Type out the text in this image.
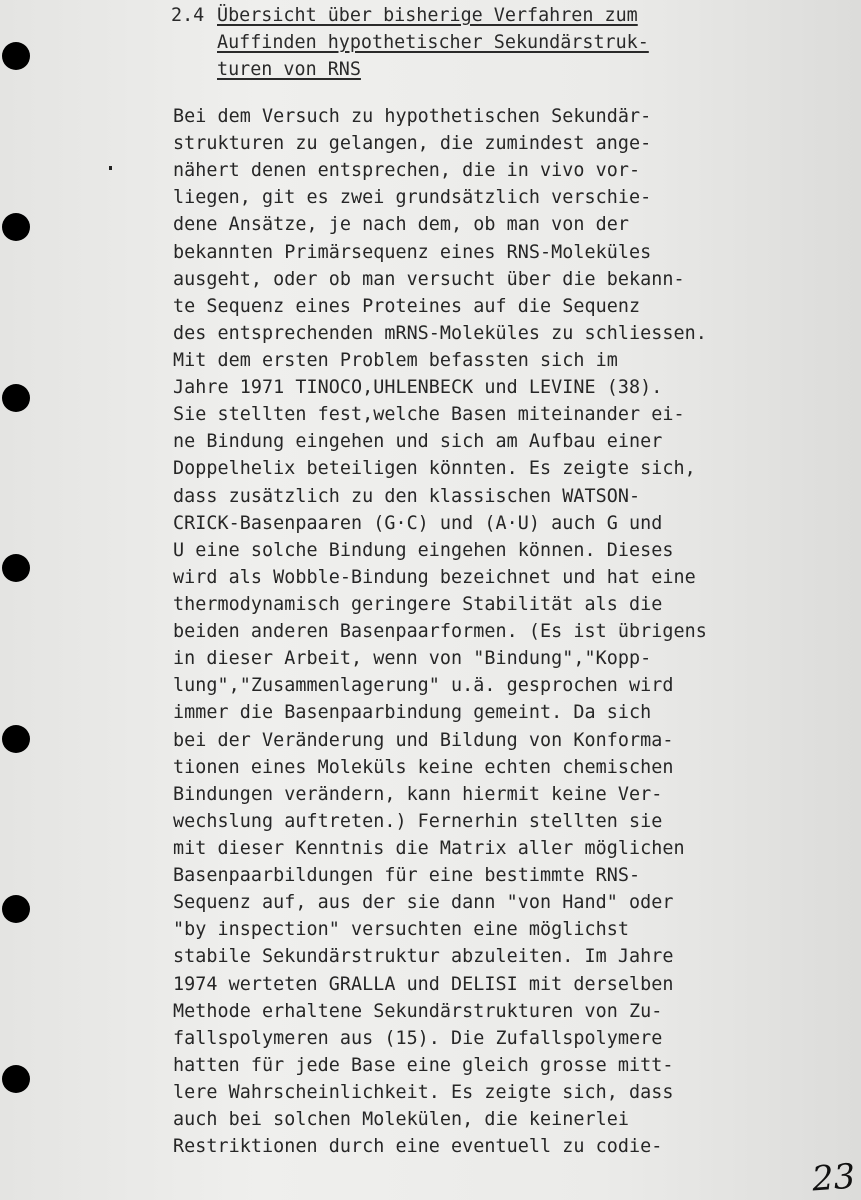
2.4 Übersicht über bisherige Verfahren zum
Auffinden hypothetischer Sekundärstruk-
turen von RNS
Bei dem Versuch zu hypothetischen Sekundär-
strukturen zu gelangen, die zumindest ange-
nähert denen entsprechen, die in vivo vor-
liegen, git es zwei grundsätzlich verschie-
dene Ansätze, je nach dem, ob man von der
bekannten Primärsequenz eines RNS-Moleküles
ausgeht, oder ob man versucht über die bekann-
te Sequenz eines Proteines auf die Sequenz
des entsprechenden mRNS-Moleküles zu schliessen.
Mit dem ersten Problem befassten sich im
Jahre 1971 TINOCO,UHLENBECK und LEVINE (38).
Sie stellten fest,welche Basen miteinander ei-
ne Bindung eingehen und sich am Aufbau einer
Doppelhelix beteiligen könnten. Es zeigte sich,
dass zusätzlich zu den klassischen WATSON-
CRICK-Basenpaaren (G·C) und (A·U) auch G und
U eine solche Bindung eingehen können. Dieses
wird als Wobble-Bindung bezeichnet und hat eine
thermodynamisch geringere Stabilität als die
beiden anderen Basenpaarformen. (Es ist übrigens
in dieser Arbeit, wenn von "Bindung","Kopp-
lung","Zusammenlagerung" u.ä. gesprochen wird
immer die Basenpaarbindung gemeint. Da sich
bei der Veränderung und Bildung von Konforma-
tionen eines Moleküls keine echten chemischen
Bindungen verändern, kann hiermit keine Ver-
wechslung auftreten.) Fernerhin stellten sie
mit dieser Kenntnis die Matrix aller möglichen
Basenpaarbildungen für eine bestimmte RNS-
Sequenz auf, aus der sie dann "von Hand" oder
"by inspection" versuchten eine möglichst
stabile Sekundärstruktur abzuleiten. Im Jahre
1974 werteten GRALLA und DELISI mit derselben
Methode erhaltene Sekundärstrukturen von Zu-
fallspolymeren aus (15). Die Zufallspolymere
hatten für jede Base eine gleich grosse mitt-
lere Wahrscheinlichkeit. Es zeigte sich, dass
auch bei solchen Molekülen, die keinerlei
Restriktionen durch eine eventuell zu codie-
23
